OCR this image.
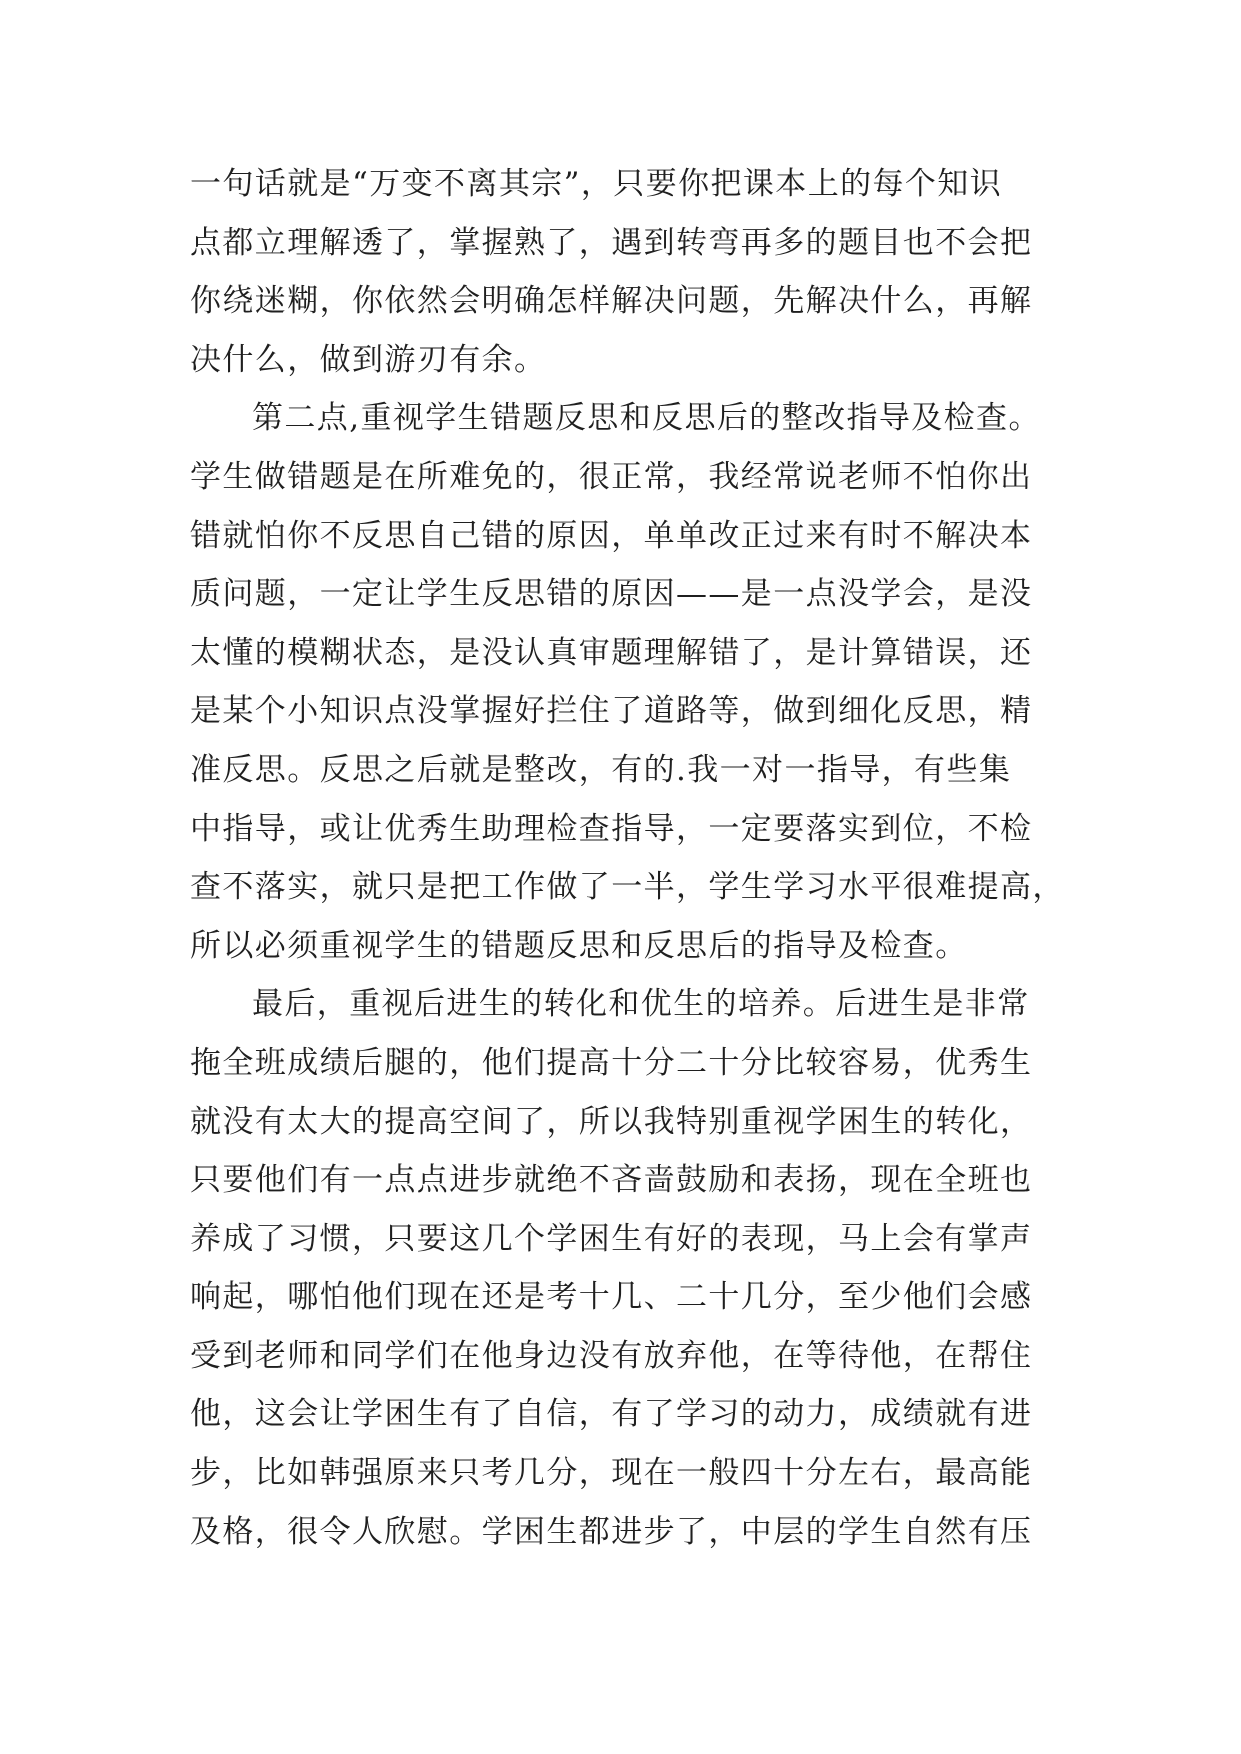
一句话就是“万变不离其宗”，只要你把课本上的每个知识
点都立理解透了，掌握熟了，遇到转弯再多的题目也不会把
你绕迷糊，你依然会明确怎样解决问题，先解决什么，再解
决什么，做到游刃有余。
第二点,重视学生错题反思和反思后的整改指导及检查。
学生做错题是在所难免的，很正常，我经常说老师不怕你出
错就怕你不反思自己错的原因，单单改正过来有时不解决本
质问题，一定让学生反思错的原因——是一点没学会，是没
太懂的模糊状态，是没认真审题理解错了，是计算错误，还
是某个小知识点没掌握好拦住了道路等，做到细化反思，精
准反思。反思之后就是整改，有的.我一对一指导，有些集
中指导，或让优秀生助理检查指导，一定要落实到位，不检
查不落实，就只是把工作做了一半，学生学习水平很难提高，
所以必须重视学生的错题反思和反思后的指导及检查。
最后，重视后进生的转化和优生的培养。后进生是非常
拖全班成绩后腿的，他们提高十分二十分比较容易，优秀生
就没有太大的提高空间了，所以我特别重视学困生的转化，
只要他们有一点点进步就绝不吝啬鼓励和表扬，现在全班也
养成了习惯，只要这几个学困生有好的表现，马上会有掌声
响起，哪怕他们现在还是考十几、二十几分，至少他们会感
受到老师和同学们在他身边没有放弃他，在等待他，在帮住
他，这会让学困生有了自信，有了学习的动力，成绩就有进
步，比如韩强原来只考几分，现在一般四十分左右，最高能
及格，很令人欣慰。学困生都进步了，中层的学生自然有压
